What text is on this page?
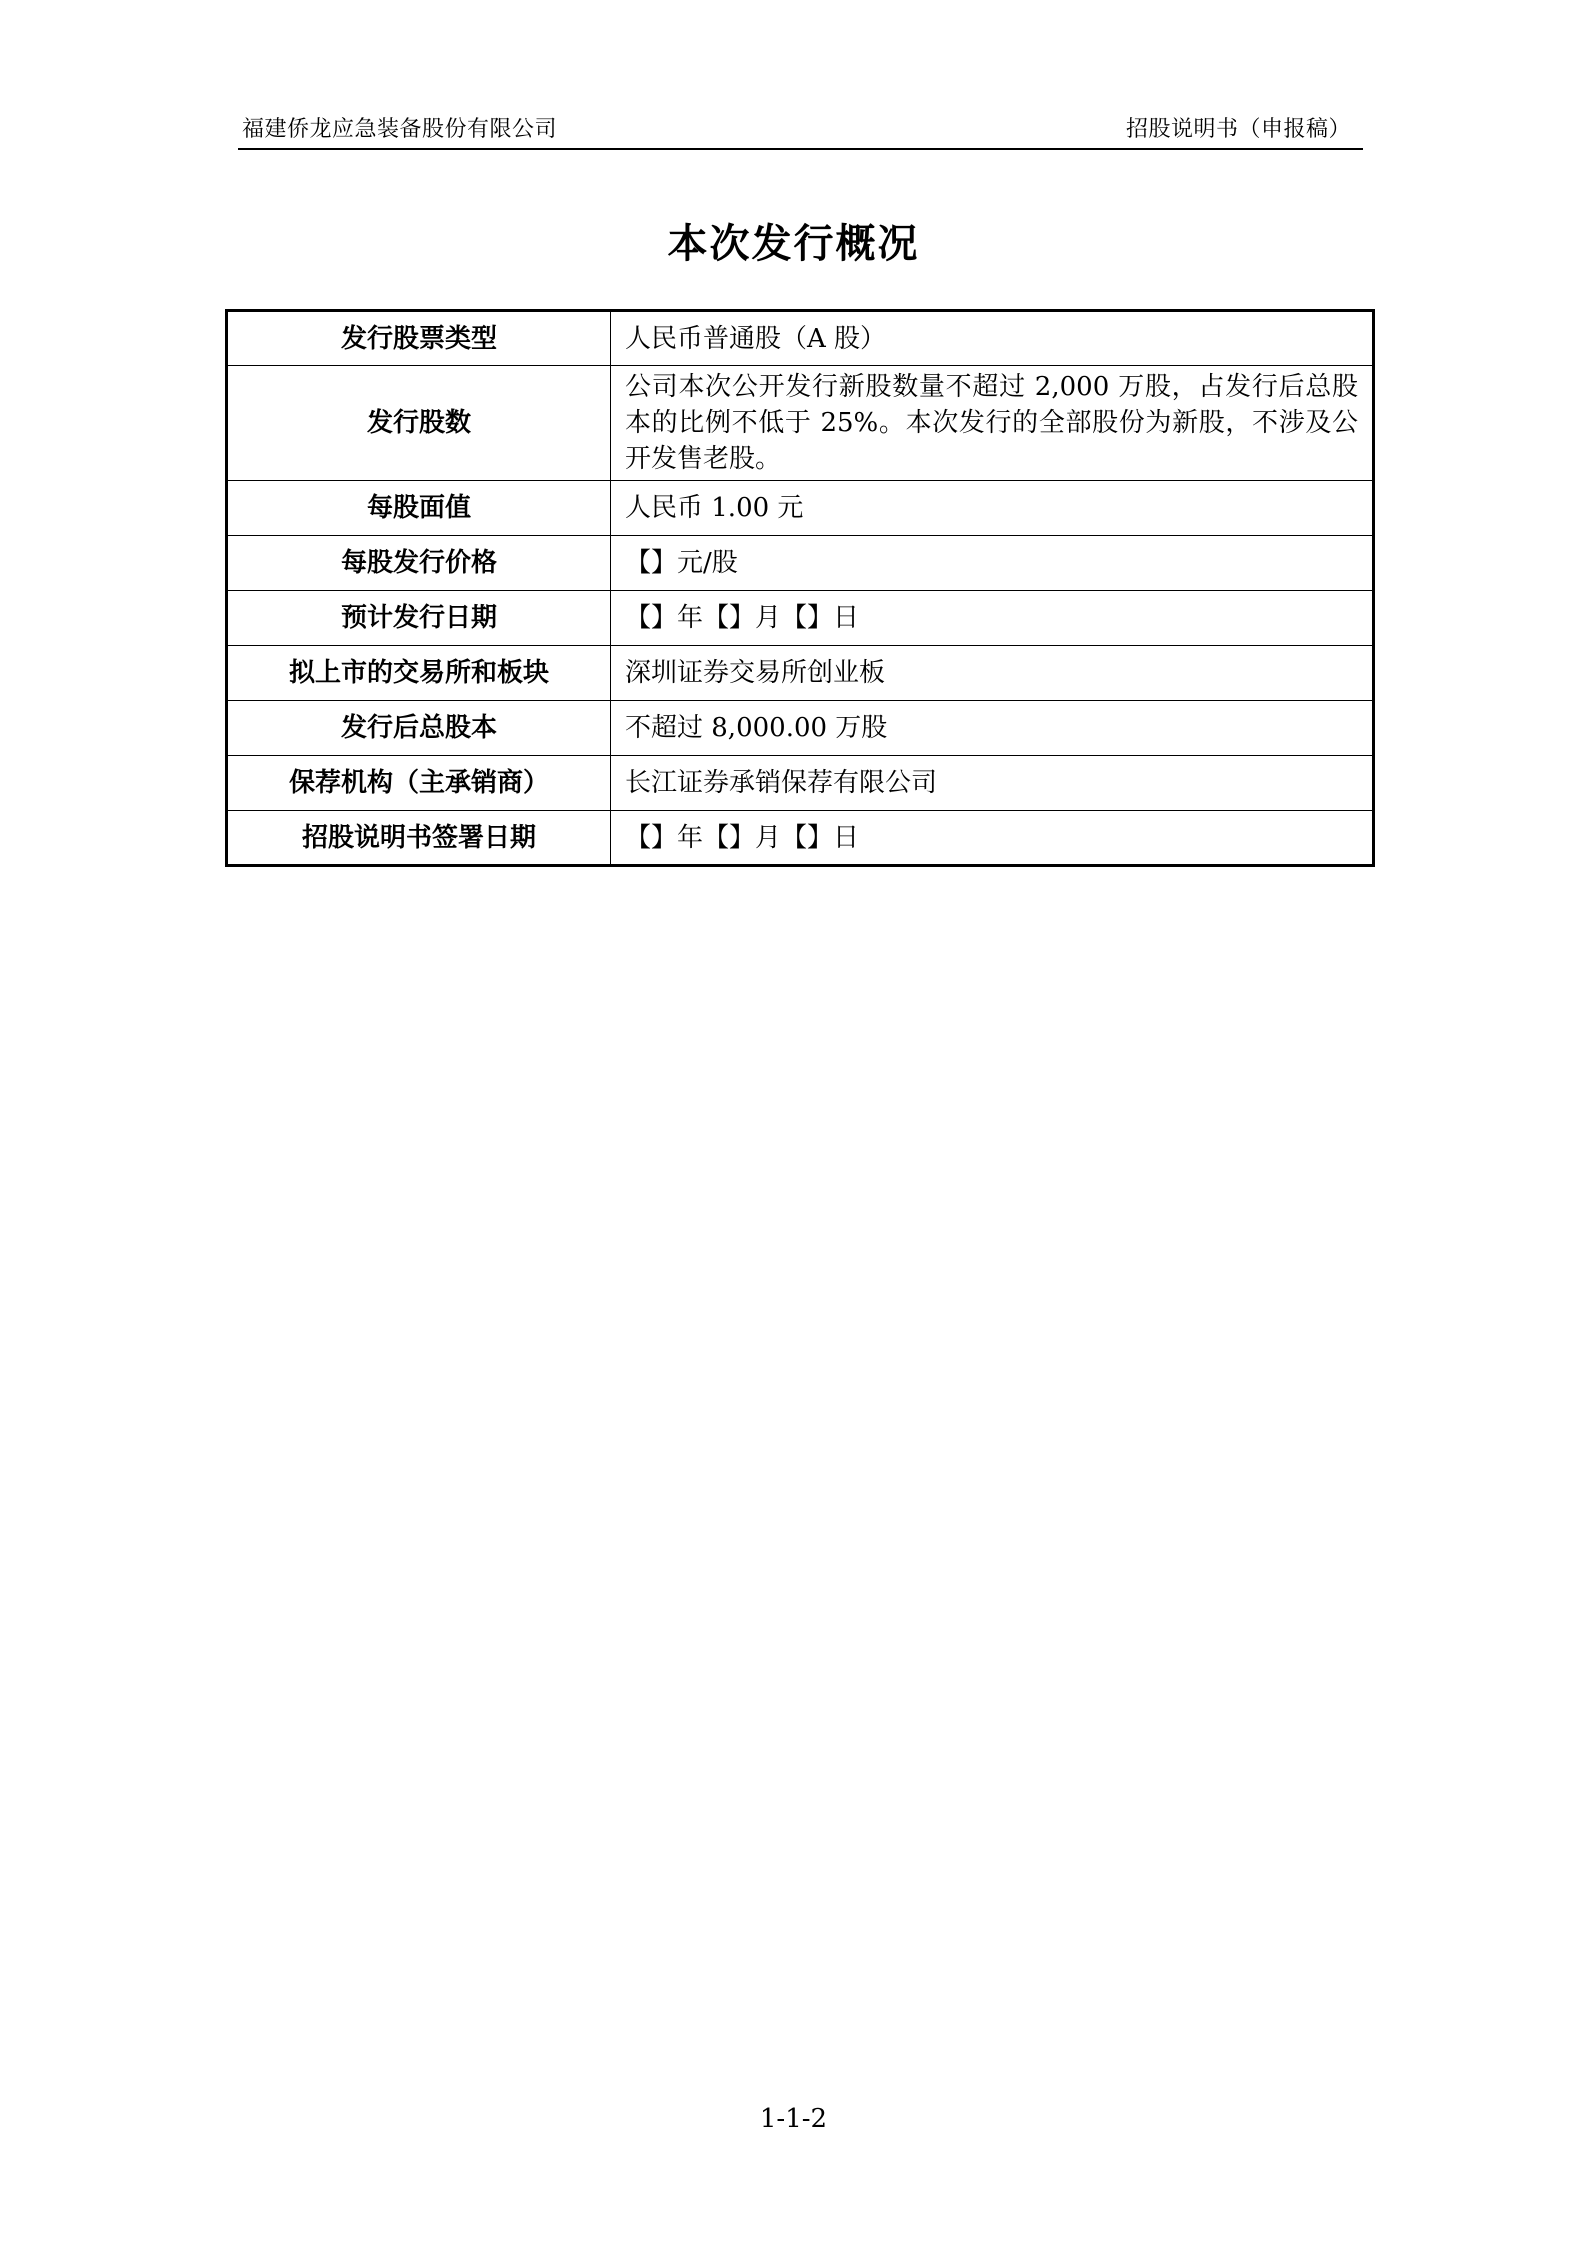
福建侨龙应急装备股份有限公司	招股说明书（申报稿）
本次发行概况
发行股票类型	人民币普通股（A 股）
发行股数	公司本次公开发行新股数量不超过 2,000 万股，占发行后总股本的比例不低于 25%。本次发行的全部股份为新股，不涉及公开发售老股。
每股面值	人民币 1.00 元
每股发行价格	【】元/股
预计发行日期	【】年【】月【】日
拟上市的交易所和板块	深圳证券交易所创业板
发行后总股本	不超过 8,000.00 万股
保荐机构（主承销商）	长江证券承销保荐有限公司
招股说明书签署日期	【】年【】月【】日
1-1-2
